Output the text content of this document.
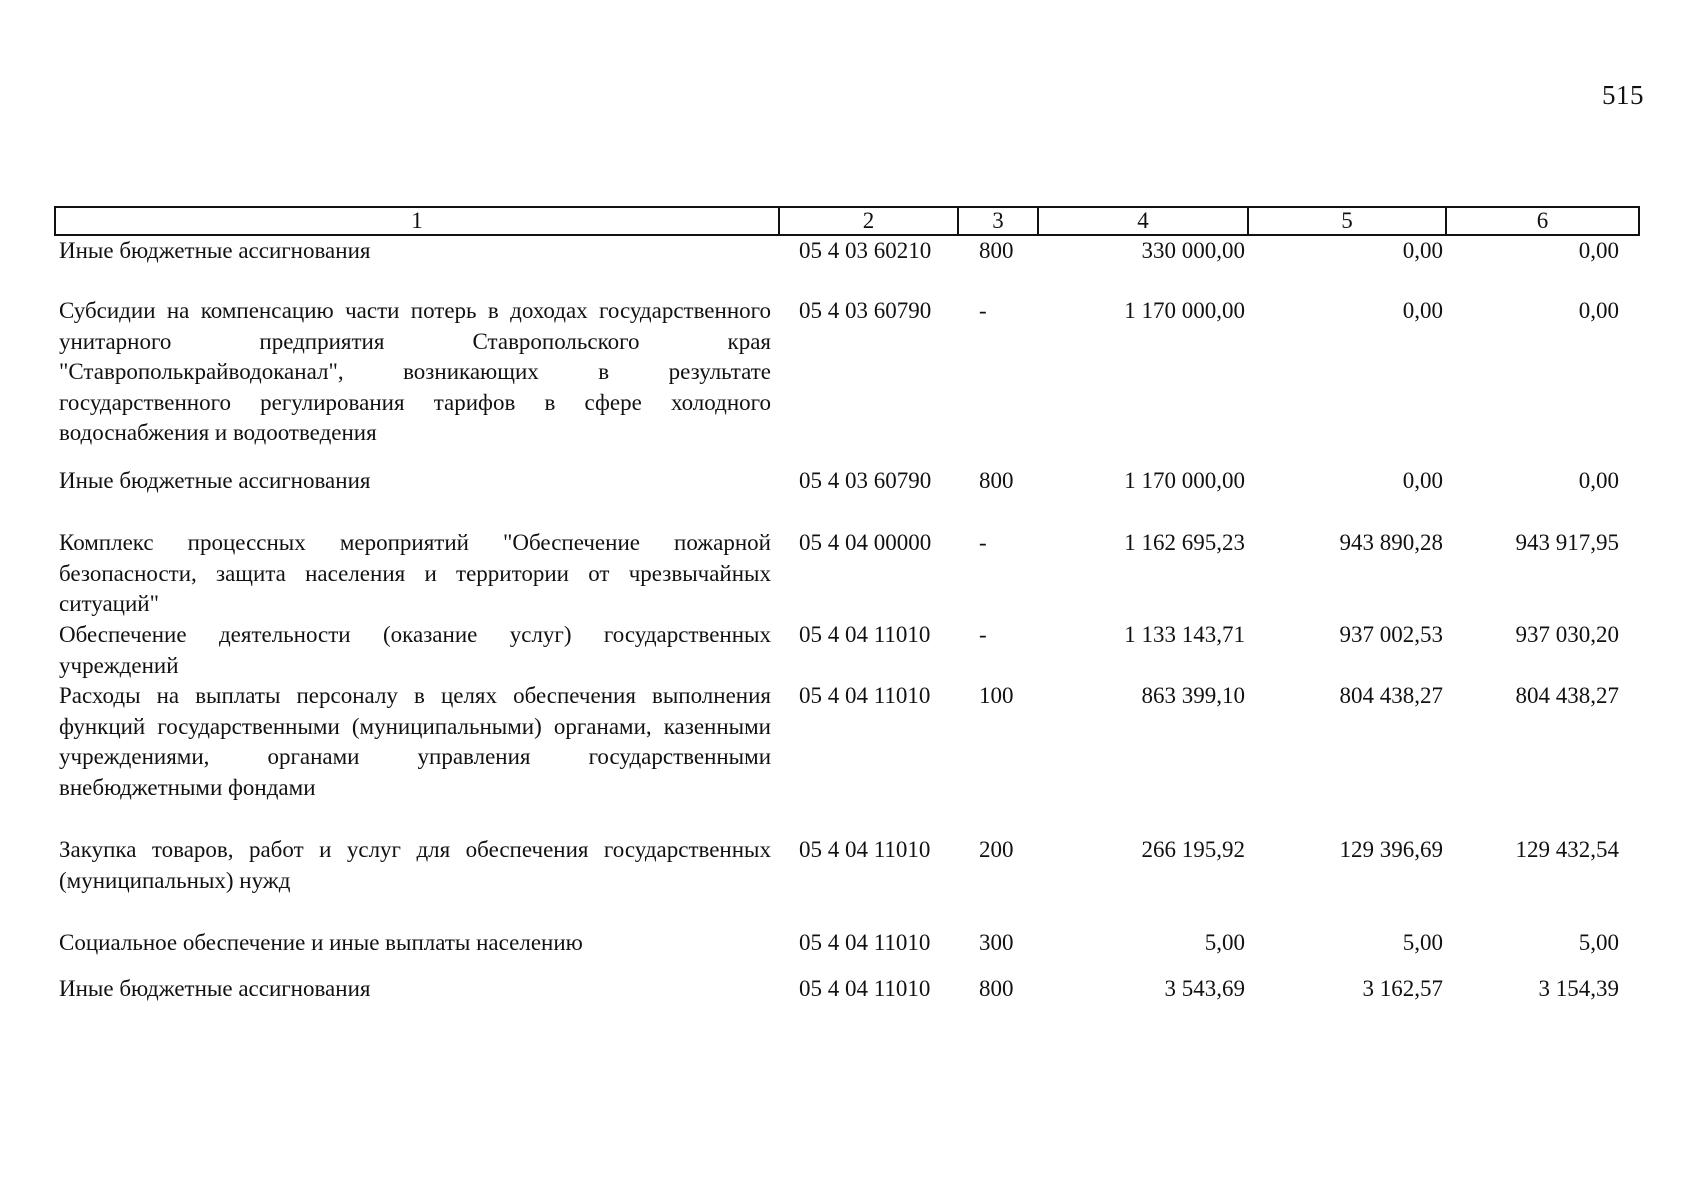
515
1	2	3	4	5	6
Иные бюджетные ассигнования	05 4 03 60210	800	330 000,00	0,00	0,00
Субсидии на компенсацию части потерь в доходах государственного унитарного предприятия Ставропольского края "Ставрополькрайводоканал", возникающих в результате государственного регулирования тарифов в сфере холодного водоснабжения и водоотведения	05 4 03 60790	-	1 170 000,00	0,00	0,00
Иные бюджетные ассигнования	05 4 03 60790	800	1 170 000,00	0,00	0,00
Комплекс процессных мероприятий "Обеспечение пожарной безопасности, защита населения и территории от чрезвычайных ситуаций"	05 4 04 00000	-	1 162 695,23	943 890,28	943 917,95
Обеспечение деятельности (оказание услуг) государственных учреждений	05 4 04 11010	-	1 133 143,71	937 002,53	937 030,20
Расходы на выплаты персоналу в целях обеспечения выполнения функций государственными (муниципальными) органами, казенными учреждениями, органами управления государственными внебюджетными фондами	05 4 04 11010	100	863 399,10	804 438,27	804 438,27
Закупка товаров, работ и услуг для обеспечения государственных (муниципальных) нужд	05 4 04 11010	200	266 195,92	129 396,69	129 432,54
Социальное обеспечение и иные выплаты населению	05 4 04 11010	300	5,00	5,00	5,00
Иные бюджетные ассигнования	05 4 04 11010	800	3 543,69	3 162,57	3 154,39
